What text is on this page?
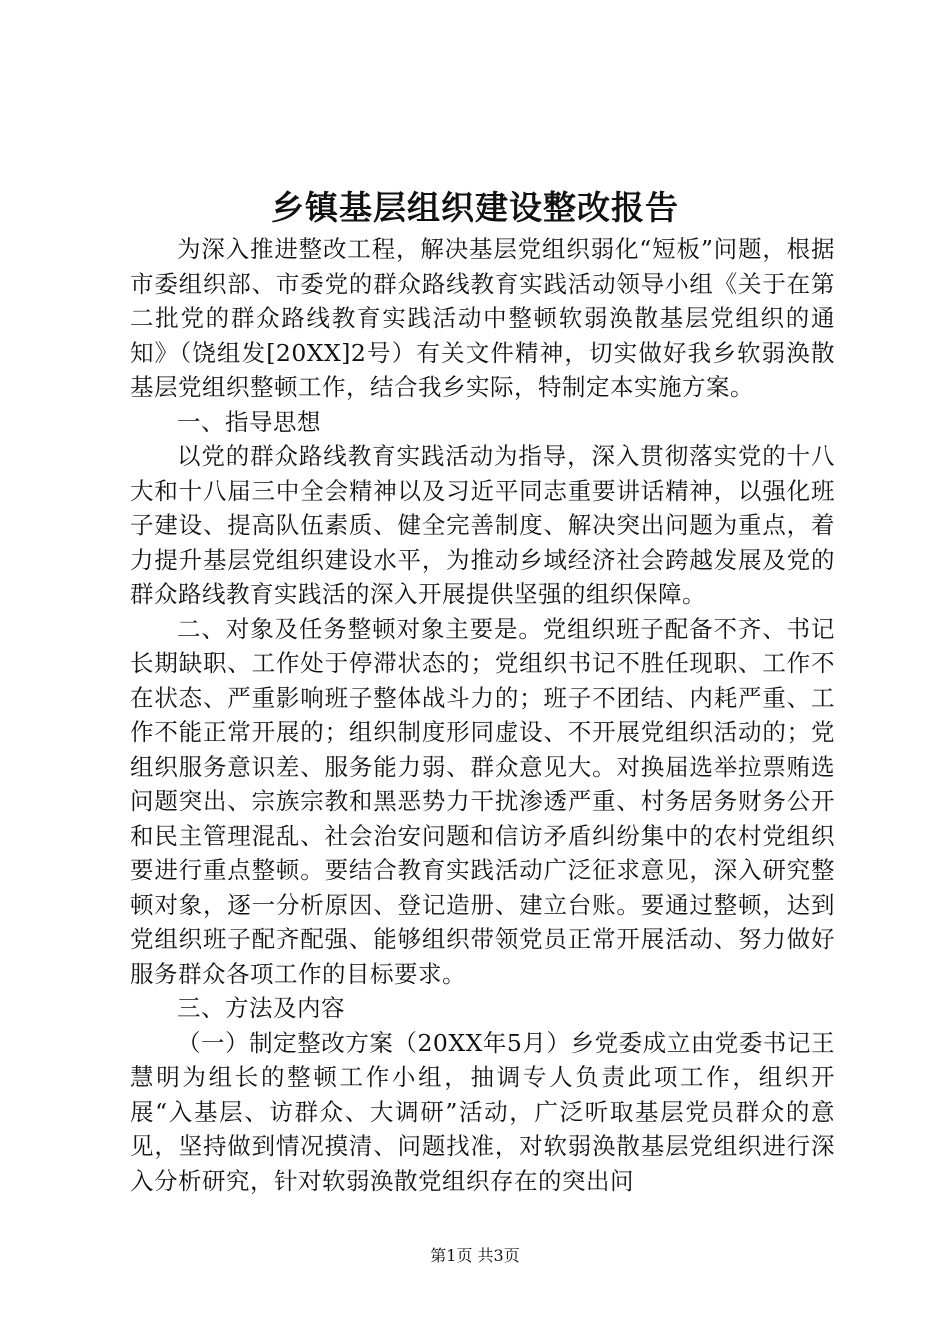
乡镇基层组织建设整改报告

为深入推进整改工程，解决基层党组织弱化“短板”问题，根据市委组织部、市委党的群众路线教育实践活动领导小组《关于在第二批党的群众路线教育实践活动中整顿软弱涣散基层党组织的通知》（饶组发[20XX]2号）有关文件精神，切实做好我乡软弱涣散基层党组织整顿工作，结合我乡实际，特制定本实施方案。

一、指导思想

以党的群众路线教育实践活动为指导，深入贯彻落实党的十八大和十八届三中全会精神以及习近平同志重要讲话精神，以强化班子建设、提高队伍素质、健全完善制度、解决突出问题为重点，着力提升基层党组织建设水平，为推动乡域经济社会跨越发展及党的群众路线教育实践活的深入开展提供坚强的组织保障。

二、对象及任务整顿对象主要是。党组织班子配备不齐、书记长期缺职、工作处于停滞状态的；党组织书记不胜任现职、工作不在状态、严重影响班子整体战斗力的；班子不团结、内耗严重、工作不能正常开展的；组织制度形同虚设、不开展党组织活动的；党组织服务意识差、服务能力弱、群众意见大。对换届选举拉票贿选问题突出、宗族宗教和黑恶势力干扰渗透严重、村务居务财务公开和民主管理混乱、社会治安问题和信访矛盾纠纷集中的农村党组织要进行重点整顿。要结合教育实践活动广泛征求意见，深入研究整顿对象，逐一分析原因、登记造册、建立台账。要通过整顿，达到党组织班子配齐配强、能够组织带领党员正常开展活动、努力做好服务群众各项工作的目标要求。

三、方法及内容

（一）制定整改方案（20XX年5月）乡党委成立由党委书记王慧明为组长的整顿工作小组，抽调专人负责此项工作，组织开展“入基层、访群众、大调研”活动，广泛听取基层党员群众的意见，坚持做到情况摸清、问题找准，对软弱涣散基层党组织进行深入分析研究，针对软弱涣散党组织存在的突出问

第1页 共3页
